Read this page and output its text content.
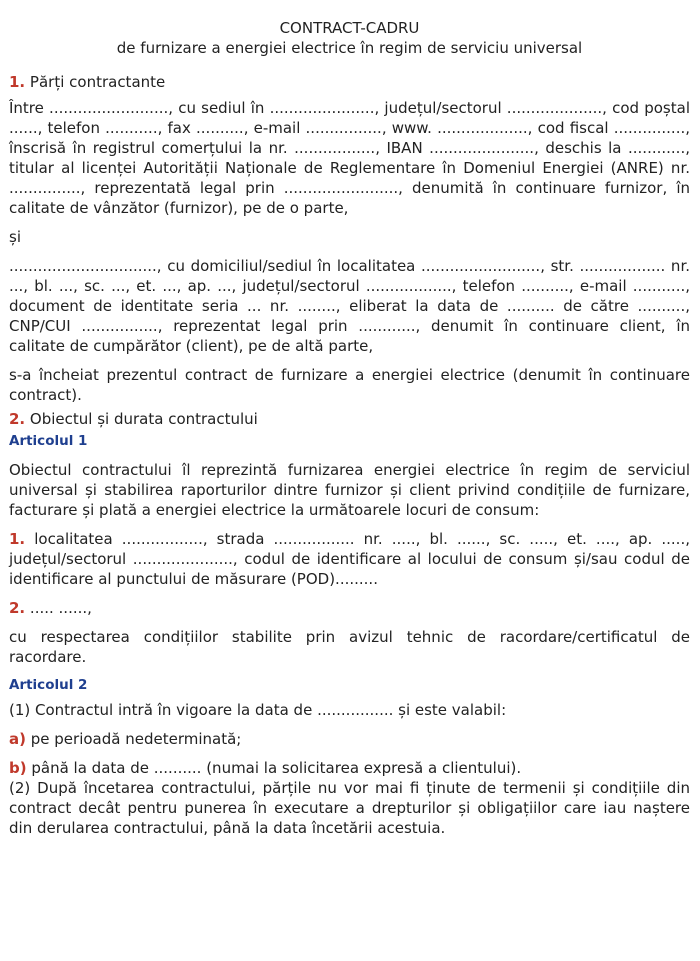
CONTRACT-CADRU
de furnizare a energiei electrice în regim de serviciu universal

1. Părți contractante

Între ........................., cu sediul în ......................, județul/sectorul ...................., cod poștal ......, telefon ..........., fax .........., e-mail ................, www. ..................., cod fiscal ..............., înscrisă în registrul comerțului la nr. ................., IBAN ......................, deschis la ............, titular al licenței Autorității Naționale de Reglementare în Domeniul Energiei (ANRE) nr. ..............., reprezentată legal prin ........................, denumită în continuare furnizor, în calitate de vânzător (furnizor), pe de o parte,

și

..............................., cu domiciliul/sediul în localitatea ........................., str. .................. nr. ..., bl. ..., sc. ..., et. ..., ap. ..., județul/sectorul .................., telefon .........., e-mail ..........., document de identitate seria ... nr. ........, eliberat la data de .......... de către .........., CNP/CUI ................, reprezentat legal prin ............, denumit în continuare client, în calitate de cumpărător (client), pe de altă parte,

s-a încheiat prezentul contract de furnizare a energiei electrice (denumit în continuare contract).

2. Obiectul și durata contractului

Articolul 1

Obiectul contractului îl reprezintă furnizarea energiei electrice în regim de serviciul universal și stabilirea raporturilor dintre furnizor și client privind condițiile de furnizare, facturare și plată a energiei electrice la următoarele locuri de consum:

1. localitatea ................., strada ................. nr. ....., bl. ......, sc. ....., et. ...., ap. ....., județul/sectorul ....................., codul de identificare al locului de consum și/sau codul de identificare al punctului de măsurare (POD).........

2. ..... ......,

cu respectarea condițiilor stabilite prin avizul tehnic de racordare/certificatul de racordare.

Articolul 2

(1) Contractul intră în vigoare la data de ................ și este valabil:

a) pe perioadă nedeterminată;

b) până la data de .......... (numai la solicitarea expresă a clientului).

(2) După încetarea contractului, părțile nu vor mai fi ținute de termenii și condițiile din contract decât pentru punerea în executare a drepturilor și obligațiilor care iau naștere din derularea contractului, până la data încetării acestuia.
